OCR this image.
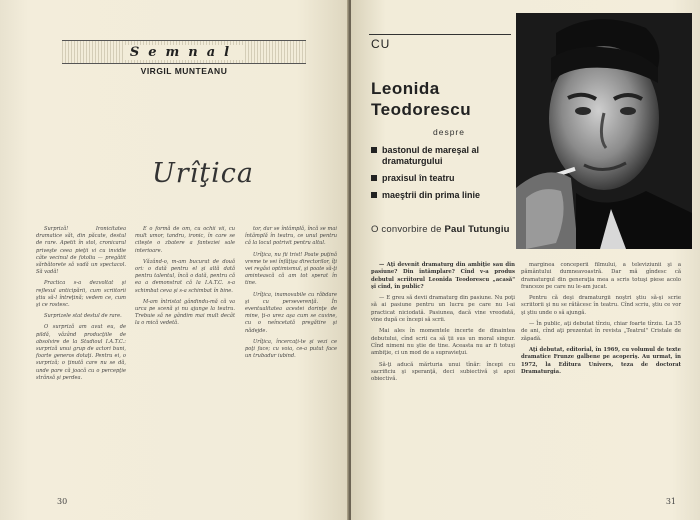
Semnal
VIRGIL MUNTEANU
Urîţica

Surpriză! Ironicitatea dramatice săt, din păcate, destul de rare. Apetit în stol, cronicarul priveşte ceea pieţii vi cu invidie câte vecinul de fotoliu — pregătit sărbătorete să vadă un spectacol. Să vadă!

Practica s-a dezvoltat şi reflexul anticipării, cum scriitorii ştiu să-l întreţină; vedem ce, cum şi ce rostesc.

Surprizele stat destul de rare.

O surpriză am avut eu, de pildă, văzând producţiile de absolvire de la Studioul I.A.T.C.: surpriză unui grup de actori buni, foarte generos dotaţi. Pentru ei, o surpriză; o ţinută care nu se dă, unde pare că joacă cu o percepţie strânsă şi perdea.

E o formă de om, cu ochii vii, cu mult umor, tandru, ironic, în care se citeşte o zbatere a fanteziei sale interioare.

Văzând-o, m-am bucurat de două ori: o dată pentru el şi altă dată pentru talentul, încă o dată, pentru că ea a demonstrat că la I.A.T.C. s-a schimbat ceva şi s-a schimbat în bine.

M-am întristat gândindu-mă că va urca pe scenă şi nu ajunge la teatru. Trebuie să ne gândim mai mult decât la o mică vedetă.

tor, dar se întâmplă, încă se mai întâmplă în teatru, ce unul pentru că la locul potrivit pentru altul.

Urîţica, nu fii trist! Poate puţină vreme te vei înfăţişa directorilor, îţi vei regăsi optimismul, şi poate să-ţi amintească că am tot sperat în tine.

Urîţica, inamovabile cu răbdare şi cu perseverenţă. În eventualitatea acestei dorinţe de mine, ţi-o urez aşa cum se cuvine, cu o neîncetată pregătire şi nădejde.

Urîţica, încercaţi-te şi vezi ce poţi face; cu voia, ce-a putut face un trubadur iubind.

30
CU
Leonida
Teodorescu
despre
bastonul de mareşal al dramaturgului
praxisul în teatru
maeştrii din prima linie
O convorbire de Paul Tutungiu

— Aţi devenit dramaturg din ambiţie sau din pasiune? Din întâmplare? Cînd v-a produs debutul scriitorul Leonida Teodorescu „acasă" şi cînd, în public?

— E greu să devii dramaturg din pasiune. Nu poţi să ai pasiune pentru un lucru pe care nu l-ai practicat niciodată. Pasiunea, dacă vine vreodată, vine după ce începi să scrii.

Mai ales în momentele incerte de dinaintea debutului, cînd scrii ca să ţii sus un moral singur. Cînd nimeni nu ştie de tine. Aceasta nu ar fi totuşi ambiţie, ci un mod de a supravieţui.

Să-ţi aducă mărturia unui tînăr: începi cu sacrificiu şi speranţă, deci subiectivă şi apoi obiectivă.

marginea conceperii filmului, a televiziunii şi a pământului dumneavoastră. Dar mă gîndesc că dramaturgul din generaţia mea a scris totuşi piese acolo franceze pe care nu le-am jucat.

Pentru că deşi dramaturgii noştri ştiu să-şi scrie scriitorii şi nu se rătăcesc în teatru. Cînd scriu, ştiu ce vor şi ştiu unde o să ajungă.

— În public, aţi debutat tîrziu, chiar foarte tîrziu. La 35 de ani, cînd aţi prezentat în revista „Teatrul" Cristale de zăpadă.

Aţi debutat, editorial, în 1969, cu volumul de texte dramatice Frunze galbene pe acoperiş. Au urmat, în 1972, la Editura Univers, teza de doctorat Dramaturgia.

31
